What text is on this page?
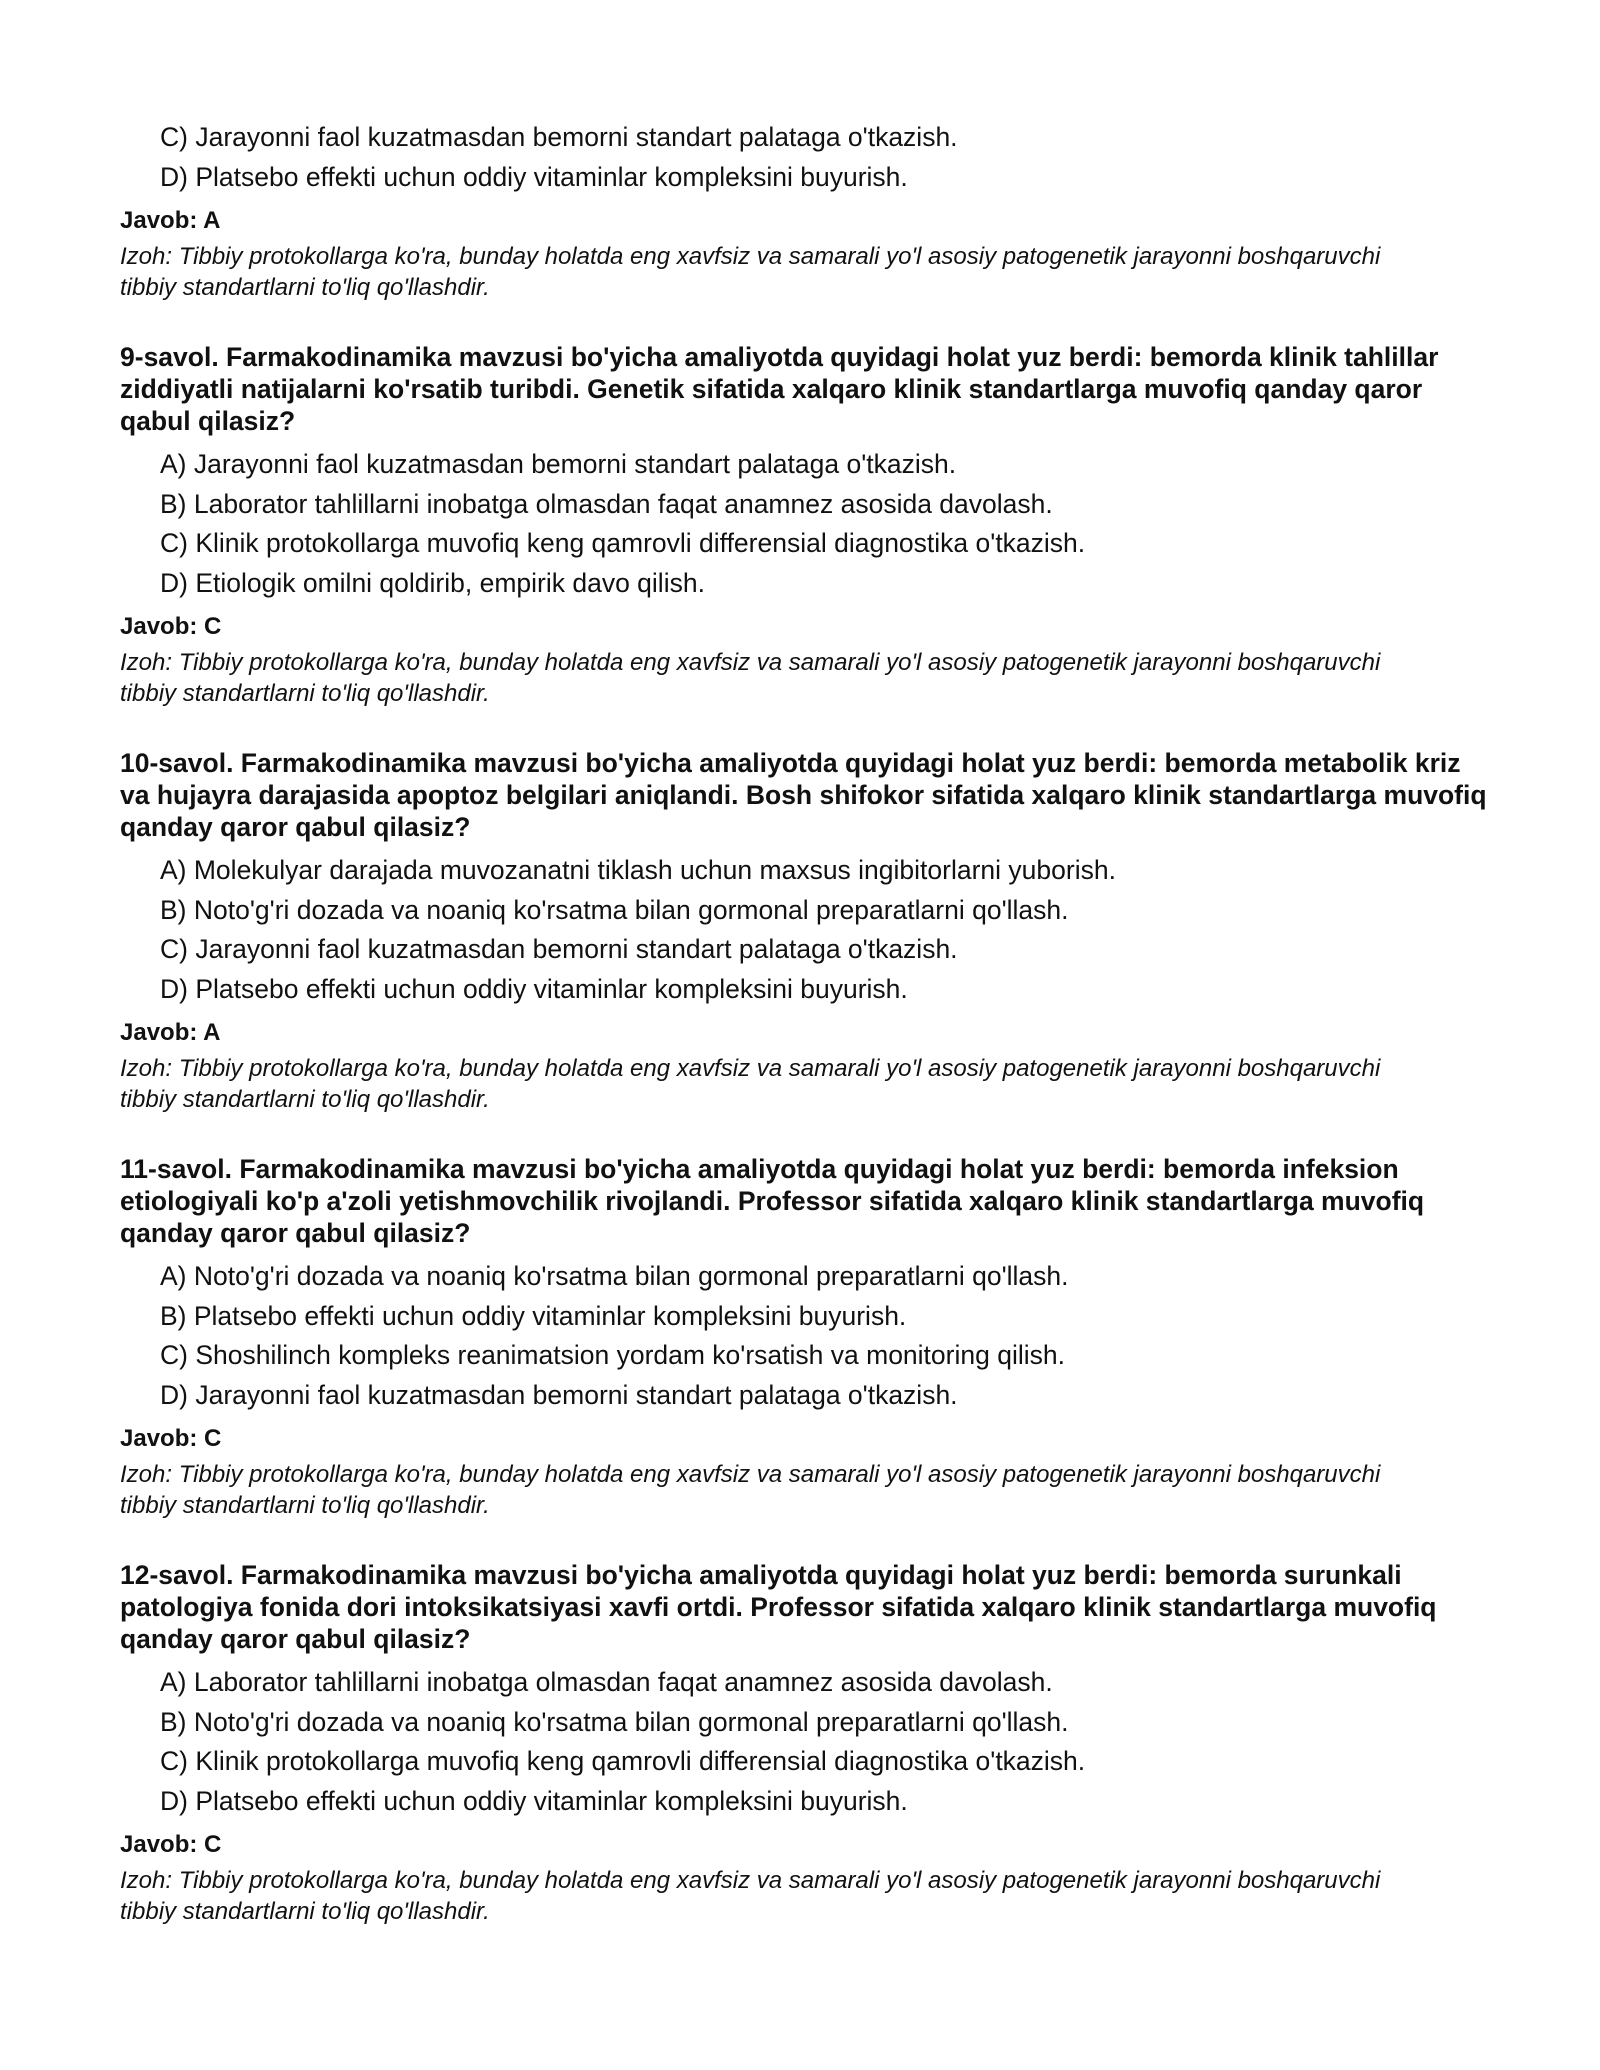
C) Jarayonni faol kuzatmasdan bemorni standart palataga o'tkazish.
D) Platsebo effekti uchun oddiy vitaminlar kompleksini buyurish.
Javob: A
Izoh: Tibbiy protokollarga ko'ra, bunday holatda eng xavfsiz va samarali yo'l asosiy patogenetik jarayonni boshqaruvchi tibbiy standartlarni to'liq qo'llashdir.
9-savol. Farmakodinamika mavzusi bo'yicha amaliyotda quyidagi holat yuz berdi: bemorda klinik tahlillar ziddiyatli natijalarni ko'rsatib turibdi. Genetik sifatida xalqaro klinik standartlarga muvofiq qanday qaror qabul qilasiz?
A) Jarayonni faol kuzatmasdan bemorni standart palataga o'tkazish.
B) Laborator tahlillarni inobatga olmasdan faqat anamnez asosida davolash.
C) Klinik protokollarga muvofiq keng qamrovli differensial diagnostika o'tkazish.
D) Etiologik omilni qoldirib, empirik davo qilish.
Javob: C
Izoh: Tibbiy protokollarga ko'ra, bunday holatda eng xavfsiz va samarali yo'l asosiy patogenetik jarayonni boshqaruvchi tibbiy standartlarni to'liq qo'llashdir.
10-savol. Farmakodinamika mavzusi bo'yicha amaliyotda quyidagi holat yuz berdi: bemorda metabolik kriz va hujayra darajasida apoptoz belgilari aniqlandi. Bosh shifokor sifatida xalqaro klinik standartlarga muvofiq qanday qaror qabul qilasiz?
A) Molekulyar darajada muvozanatni tiklash uchun maxsus ingibitorlarni yuborish.
B) Noto'g'ri dozada va noaniq ko'rsatma bilan gormonal preparatlarni qo'llash.
C) Jarayonni faol kuzatmasdan bemorni standart palataga o'tkazish.
D) Platsebo effekti uchun oddiy vitaminlar kompleksini buyurish.
Javob: A
Izoh: Tibbiy protokollarga ko'ra, bunday holatda eng xavfsiz va samarali yo'l asosiy patogenetik jarayonni boshqaruvchi tibbiy standartlarni to'liq qo'llashdir.
11-savol. Farmakodinamika mavzusi bo'yicha amaliyotda quyidagi holat yuz berdi: bemorda infeksion etiologiyali ko'p a'zoli yetishmovchilik rivojlandi. Professor sifatida xalqaro klinik standartlarga muvofiq qanday qaror qabul qilasiz?
A) Noto'g'ri dozada va noaniq ko'rsatma bilan gormonal preparatlarni qo'llash.
B) Platsebo effekti uchun oddiy vitaminlar kompleksini buyurish.
C) Shoshilinch kompleks reanimatsion yordam ko'rsatish va monitoring qilish.
D) Jarayonni faol kuzatmasdan bemorni standart palataga o'tkazish.
Javob: C
Izoh: Tibbiy protokollarga ko'ra, bunday holatda eng xavfsiz va samarali yo'l asosiy patogenetik jarayonni boshqaruvchi tibbiy standartlarni to'liq qo'llashdir.
12-savol. Farmakodinamika mavzusi bo'yicha amaliyotda quyidagi holat yuz berdi: bemorda surunkali patologiya fonida dori intoksikatsiyasi xavfi ortdi. Professor sifatida xalqaro klinik standartlarga muvofiq qanday qaror qabul qilasiz?
A) Laborator tahlillarni inobatga olmasdan faqat anamnez asosida davolash.
B) Noto'g'ri dozada va noaniq ko'rsatma bilan gormonal preparatlarni qo'llash.
C) Klinik protokollarga muvofiq keng qamrovli differensial diagnostika o'tkazish.
D) Platsebo effekti uchun oddiy vitaminlar kompleksini buyurish.
Javob: C
Izoh: Tibbiy protokollarga ko'ra, bunday holatda eng xavfsiz va samarali yo'l asosiy patogenetik jarayonni boshqaruvchi tibbiy standartlarni to'liq qo'llashdir.
